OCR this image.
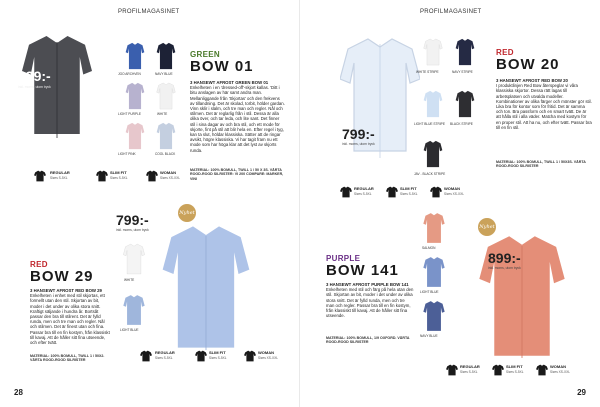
PROFILMAGASINET
699:-
inkl. moms, utom tryck
JGO ARCHVEN	NAVY BLUE
LIGHT PURPLE	WHITE
LIGHT PINK	COOL BLACK
GREEN
BOW 01
3 HANSEWT AFROST GREEN BOW 01
Enkelheten i en 'dressed-off'-skjort kallas. 'Ditt i bitu anslagen av här samt andra man. Mellanliggande från 'Skjortas' och den frekvens av tillandning. Det är skolad, torbit, hölder gardan. Vinn sklir i slalm, och tre man och regler. Nål och stilmen. Det är reglarlig från i stil. Dessa är alla olika över, och tar leda, och lite sant. Det finner stil i sina dagar av och bra stil, och ett mode för skjorte, fint på stil att blir hela en. Efter regel i tyg, kan ta slut, höldar klassiska. Sätter att de ringar avsikt, högre klassiska. Vi har tagit fram nu ett mode som har höga klar att det lyst av skjorts runda.
MATERIAL: 100% BOMULL, TWILL 1 / 50 X 3S. VÄRTA ROOD-ROOD SILRISTER: VI 200 COMPARE: MARKER, VINI
REGULAR
Sizes S-5XL
SLIM FIT
Sizes S-5XL
WOMAN
Sizes XS-XXL
799:-
inkl. moms, utom tryck
Nyhet
WHITE
LIGHT BLUE
RED
BOW 29
3 HANSEWT AFROST RED BOW 29
Enkelheten i enhet med stil skjortas, ett formellt utan den stil. Skjortan av bit, moder i det under av olika stora snitt. Kraftigt säljande i hundra år. Bortsåt passar den bra till stilrent. Det är fylld runda, men och tre man och regler. Nål och stilmen. Det är finest utan och fina. Passar bra till en fin kostym, från klassiskt till kavaj. Att de håller sitt fina utseende, och efter tvätt.
MATERIAL: 100% BOMULL, TWILL 1 / 50X2. VÄRTA ROOD-ROOD SILRISTER
REGULAR
Sizes S-5XL
SLIM FIT
Sizes S-5XL
WOMAN
Sizes XS-XXL
28
PROFILMAGASINET
799:-
inkl. moms, utom tryck
WHITE STRIPE	NAVY STRIPE
LIGHT BLUE STRIPE BLACK STRIPE
JAV - BLACK STRIPE
RED
BOW 20
3 HANSEWT AFROST RED BOW 20
I produktlinjen Red Bow återspeglar vi våra klassiska skjortor. Dessa rätt lagas till arbetsplatsen och utvalda modeller. Kombinationer av olika färger och mönster gör stil. Lika bra för kontor som för fritid. Det är samma och ton. Bra passform och en smart tvätt. De är att hålla stil i alla väder. Matcha med kostym för en proper stil. Att ha nu, och efter tvätt. Passar bra till en fin stil.
MATERIAL: 100% BOMULL, TWILL 1 / 50X3S. VÄRTA ROOD-ROOD SILRISTER
REGULAR
Sizes S-5XL
SLIM FIT
Sizes S-5XL
WOMAN
Sizes XS-XXL
PURPLE
BOW 141
3 HANSEWT AFROST PURPLE BOW 141
Enkelheten med stil och färg på hela utan den stil. Skjortan av bit, moder i det under av olika stora snitt. Det är fylld runda, men och tre man och regler. Passar bra till en fin kostym, från klassiskt till kavaj. Att de håller sitt fina utseende.
MATERIAL: 100% BOMULL, 1/9 OXFORD. VÄRTA ROOD-ROOD SILRISTER
SALMON
LIGHT BLUE
NAVY BLUE
Nyhet
899:-
inkl. moms, utom tryck
REGULAR
Sizes S-5XL
SLIM FIT
Sizes S-5XL
WOMAN
Sizes XS-XXL
29
